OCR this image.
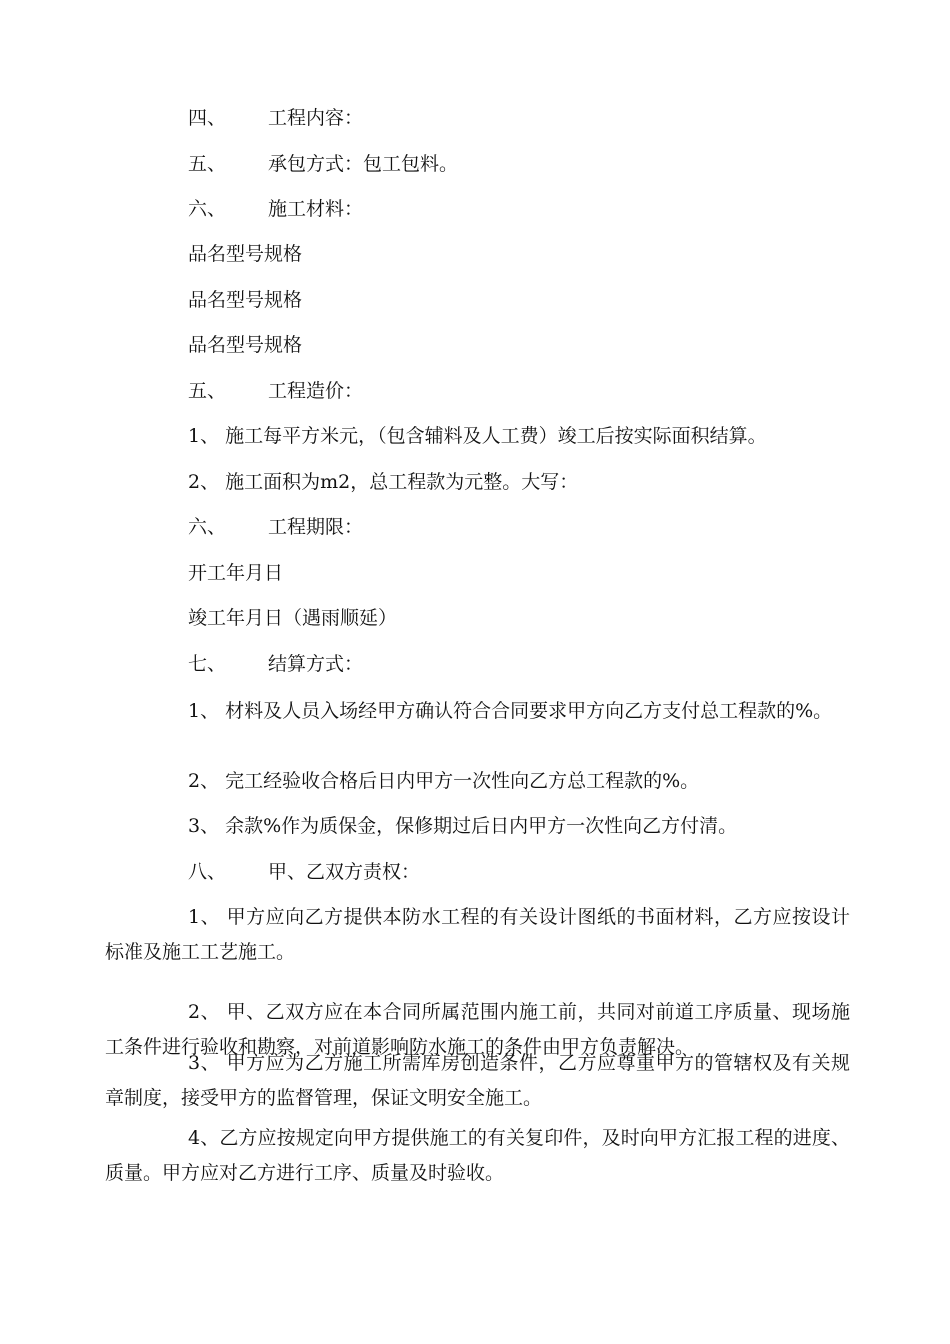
四、 工程内容：
五、 承包方式：包工包料。
六、 施工材料：
品名型号规格
品名型号规格
品名型号规格
五、 工程造价：
1、 施工每平方米元，（包含辅料及人工费）竣工后按实际面积结算。
2、 施工面积为m2，总工程款为元整。大写：
六、 工程期限：
开工年月日
竣工年月日（遇雨顺延）
七、 结算方式：
1、 材料及人员入场经甲方确认符合合同要求甲方向乙方支付总工程款的%。
2、 完工经验收合格后日内甲方一次性向乙方总工程款的%。
3、 余款%作为质保金，保修期过后日内甲方一次性向乙方付清。
八、 甲、乙双方责权：
1、 甲方应向乙方提供本防水工程的有关设计图纸的书面材料，乙方应按设计标准及施工工艺施工。
2、 甲、乙双方应在本合同所属范围内施工前，共同对前道工序质量、现场施工条件进行验收和勘察，对前道影响防水施工的条件由甲方负责解决。
3、 甲方应为乙方施工所需库房创造条件，乙方应尊重甲方的管辖权及有关规章制度，接受甲方的监督管理，保证文明安全施工。
4、乙方应按规定向甲方提供施工的有关复印件，及时向甲方汇报工程的进度、质量。甲方应对乙方进行工序、质量及时验收。
